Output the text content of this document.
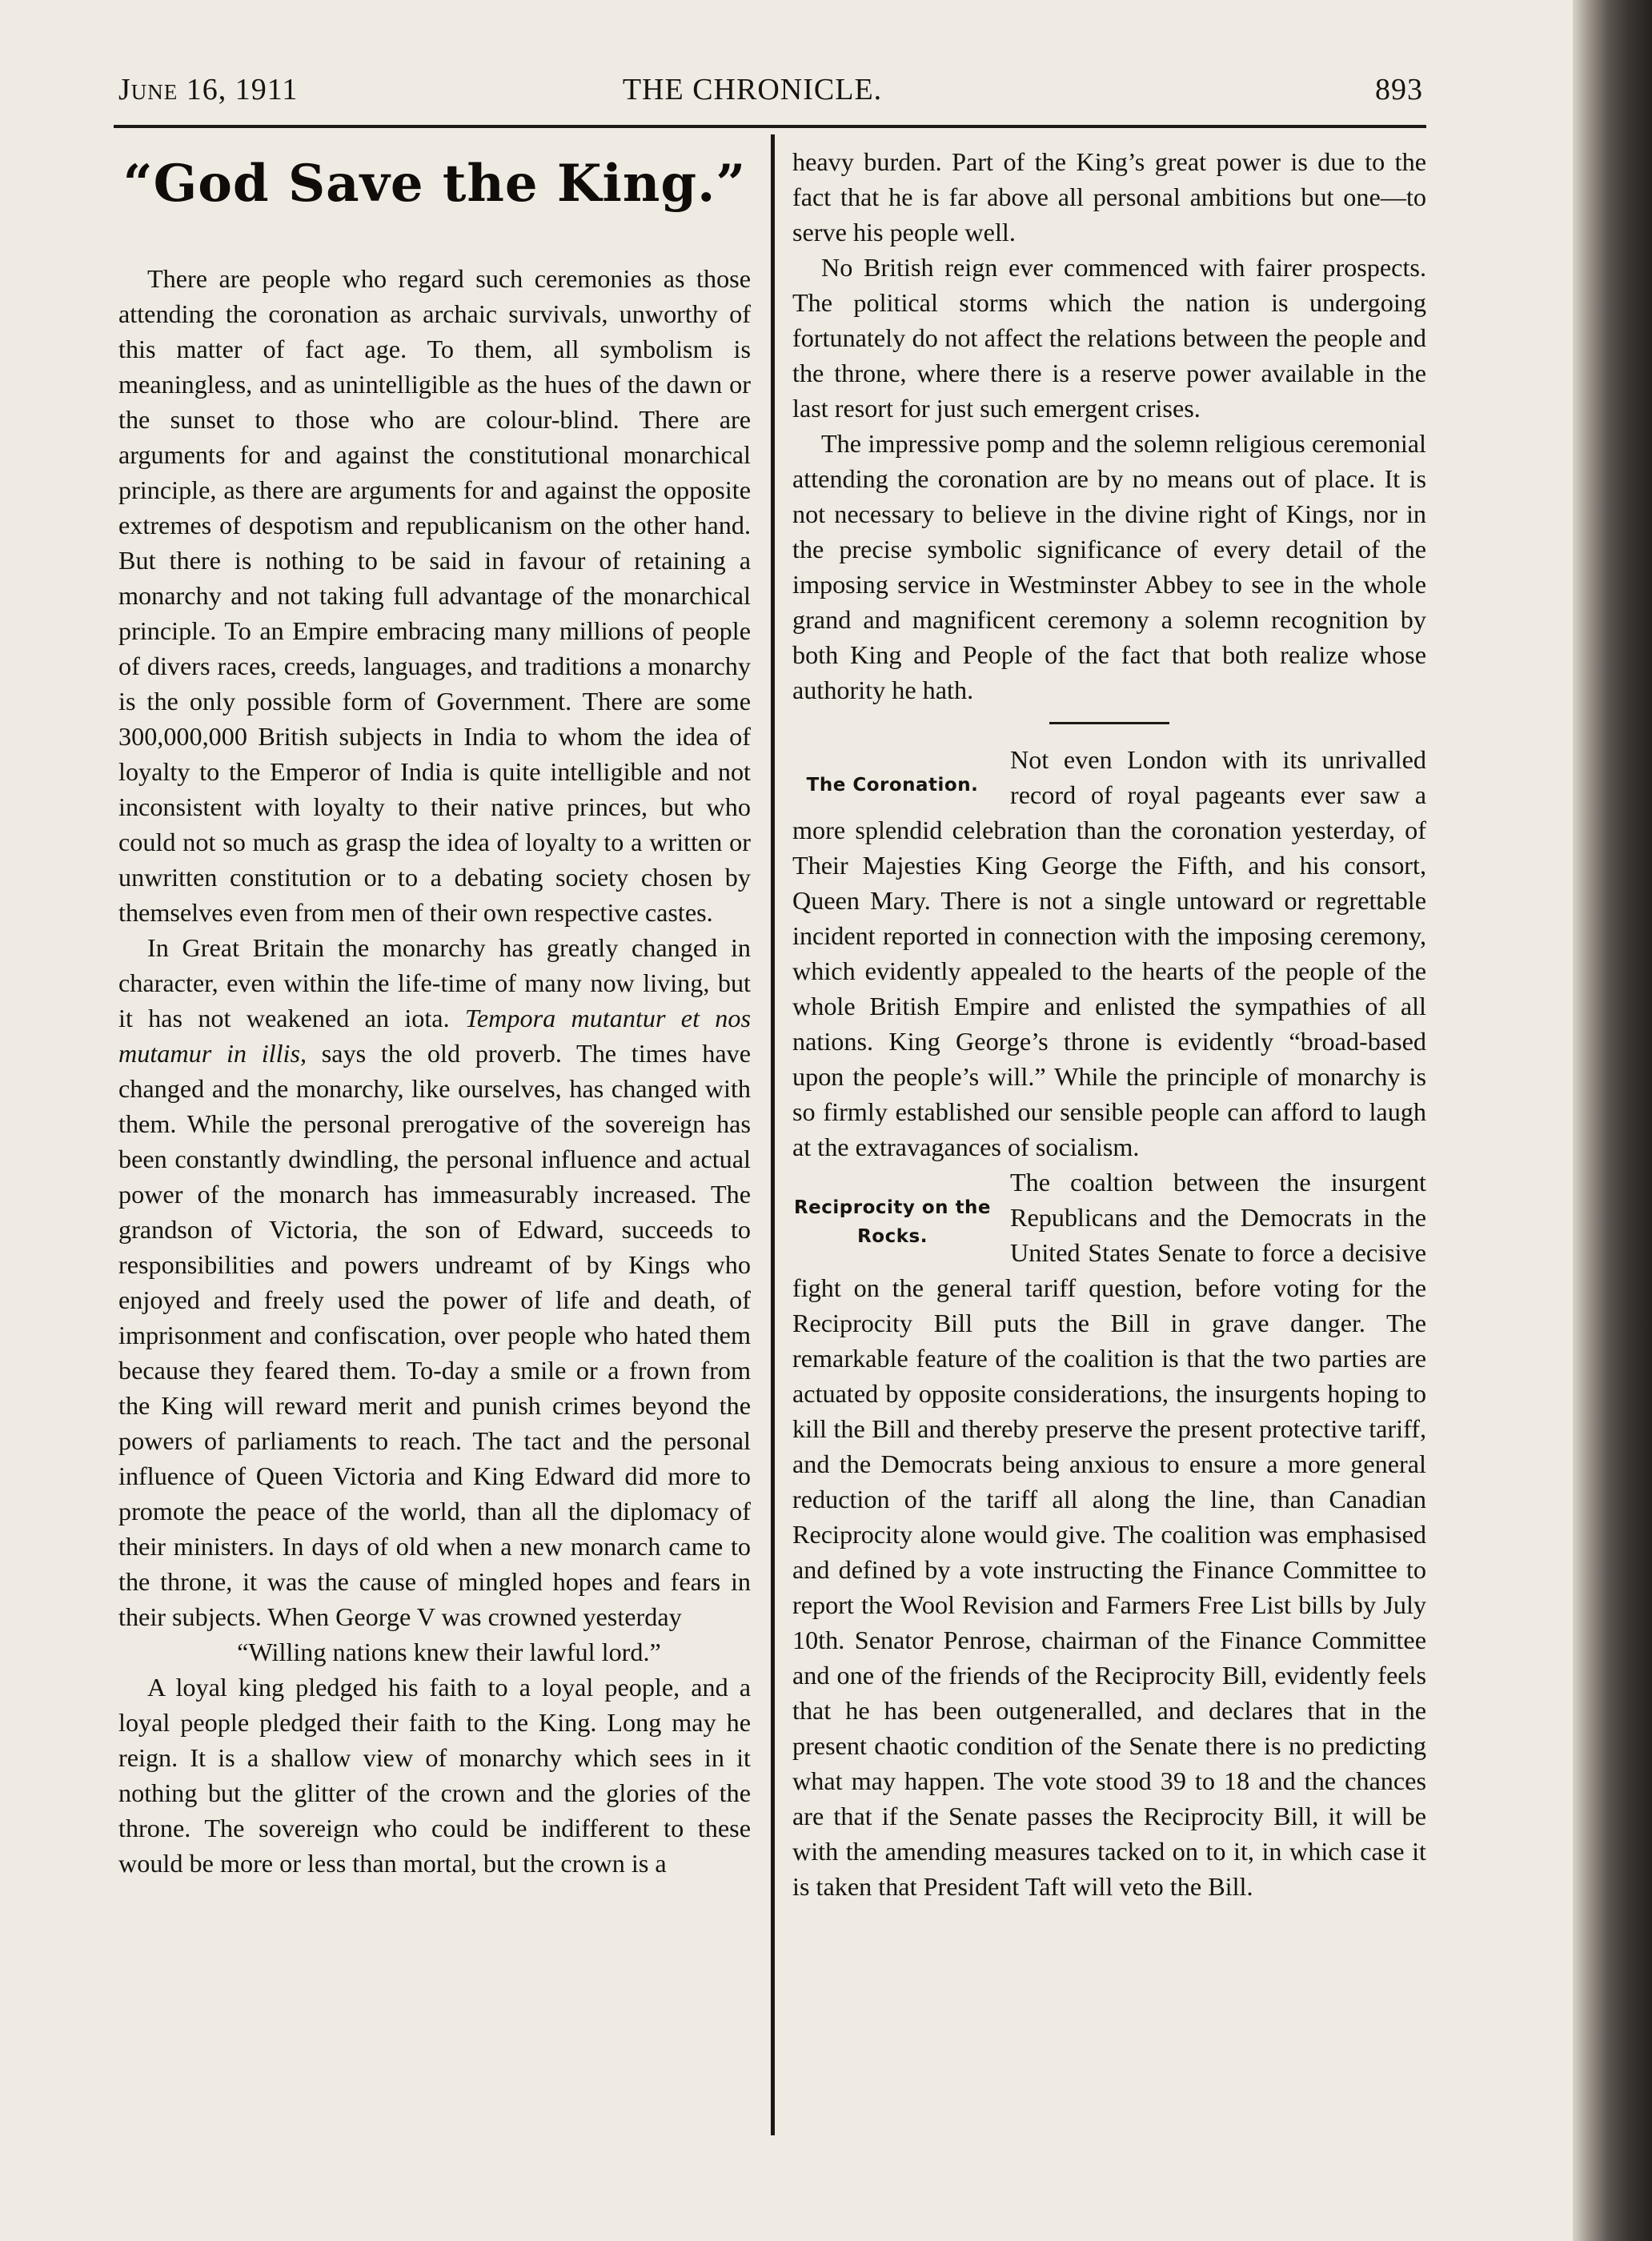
June 16, 1911	THE CHRONICLE.	893
“God Save the King.”

There are people who regard such ceremonies as those attending the coronation as archaic survivals, unworthy of this matter of fact age. To them, all symbolism is meaningless, and as unintelligible as the hues of the dawn or the sunset to those who are colour-blind. There are arguments for and against the constitutional monarchical principle, as there are arguments for and against the opposite extremes of despotism and republicanism on the other hand. But there is nothing to be said in favour of retaining a monarchy and not taking full advantage of the monarchical principle. To an Empire embracing many millions of people of divers races, creeds, languages, and traditions a monarchy is the only possible form of Government. There are some 300,000,000 British subjects in India to whom the idea of loyalty to the Emperor of India is quite intelligible and not inconsistent with loyalty to their native princes, but who could not so much as grasp the idea of loyalty to a written or unwritten constitution or to a debating society chosen by themselves even from men of their own respective castes.

In Great Britain the monarchy has greatly changed in character, even within the life-time of many now living, but it has not weakened an iota. Tempora mutantur et nos mutamur in illis, says the old proverb. The times have changed and the monarchy, like ourselves, has changed with them. While the personal prerogative of the sovereign has been constantly dwindling, the personal influence and actual power of the monarch has immeasurably increased. The grandson of Victoria, the son of Edward, succeeds to responsibilities and powers undreamt of by Kings who enjoyed and freely used the power of life and death, of imprisonment and confiscation, over people who hated them because they feared them. To-day a smile or a frown from the King will reward merit and punish crimes beyond the powers of parliaments to reach. The tact and the personal influence of Queen Victoria and King Edward did more to promote the peace of the world, than all the diplomacy of their ministers. In days of old when a new monarch came to the throne, it was the cause of mingled hopes and fears in their subjects. When George V was crowned yesterday

“Willing nations knew their lawful lord.”

A loyal king pledged his faith to a loyal people, and a loyal people pledged their faith to the King. Long may he reign. It is a shallow view of monarchy which sees in it nothing but the glitter of the crown and the glories of the throne. The sovereign who could be indifferent to these would be more or less than mortal, but the crown is a

heavy burden. Part of the King’s great power is due to the fact that he is far above all personal ambitions but one—to serve his people well.

No British reign ever commenced with fairer prospects. The political storms which the nation is undergoing fortunately do not affect the relations between the people and the throne, where there is a reserve power available in the last resort for just such emergent crises.

The impressive pomp and the solemn religious ceremonial attending the coronation are by no means out of place. It is not necessary to believe in the divine right of Kings, nor in the precise symbolic significance of every detail of the imposing service in Westminster Abbey to see in the whole grand and magnificent ceremony a solemn recognition by both King and People of the fact that both realize whose authority he hath.

The Coronation.

Not even London with its unrivalled record of royal pageants ever saw a more splendid celebration than the coronation yesterday, of Their Majesties King George the Fifth, and his consort, Queen Mary. There is not a single untoward or regrettable incident reported in connection with the imposing ceremony, which evidently appealed to the hearts of the people of the whole British Empire and enlisted the sympathies of all nations. King George’s throne is evidently “broad-based upon the people’s will.” While the principle of monarchy is so firmly established our sensible people can afford to laugh at the extravagances of socialism.

Reciprocity on the Rocks.

The coaltion between the insurgent Republicans and the Democrats in the United States Senate to force a decisive fight on the general tariff question, before voting for the Reciprocity Bill puts the Bill in grave danger. The remarkable feature of the coalition is that the two parties are actuated by opposite considerations, the insurgents hoping to kill the Bill and thereby preserve the present protective tariff, and the Democrats being anxious to ensure a more general reduction of the tariff all along the line, than Canadian Reciprocity alone would give. The coalition was emphasised and defined by a vote instructing the Finance Committee to report the Wool Revision and Farmers Free List bills by July 10th. Senator Penrose, chairman of the Finance Committee and one of the friends of the Reciprocity Bill, evidently feels that he has been outgeneralled, and declares that in the present chaotic condition of the Senate there is no predicting what may happen. The vote stood 39 to 18 and the chances are that if the Senate passes the Reciprocity Bill, it will be with the amending measures tacked on to it, in which case it is taken that President Taft will veto the Bill.
